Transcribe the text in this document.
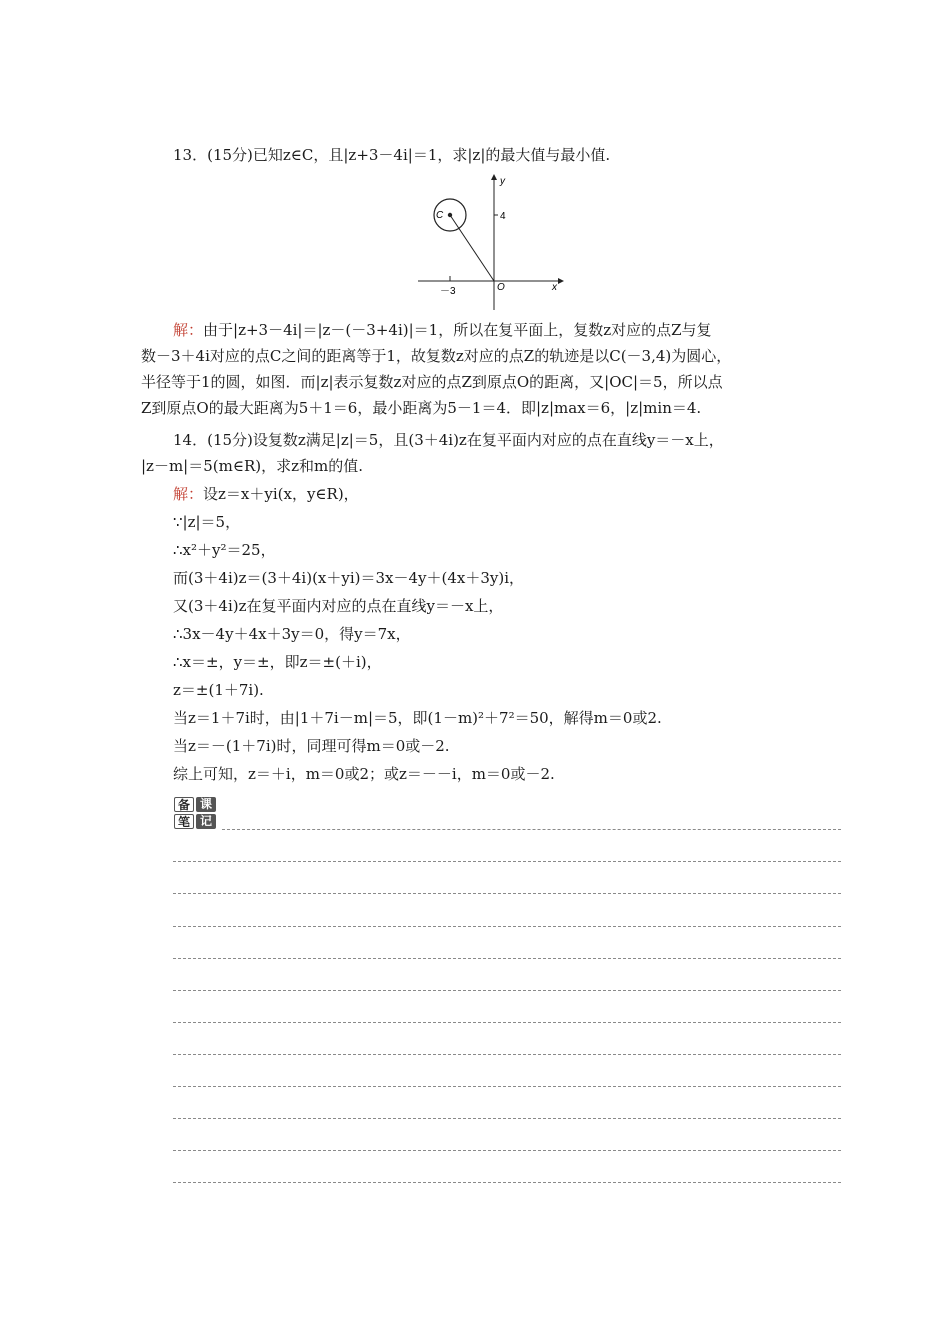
13．(15分)已知z∈C，且|z+3－4i|＝1，求|z|的最大值与最小值.
C
y
x
4
－3	O
解：由于|z+3－4i|＝|z－(－3+4i)|＝1，所以在复平面上，复数z对应的点Z与复
数－3＋4i对应的点C之间的距离等于1，故复数z对应的点Z的轨迹是以C(－3,4)为圆心，
半径等于1的圆，如图．而|z|表示复数z对应的点Z到原点O的距离，又|OC|＝5，所以点
Z到原点O的最大距离为5＋1＝6，最小距离为5－1＝4．即|z|max＝6，|z|min＝4.
14．(15分)设复数z满足|z|＝5，且(3＋4i)z在复平面内对应的点在直线y＝－x上，
|z－m|＝5(m∈R)，求z和m的值.
解：设z＝x＋yi(x，y∈R)，
∵|z|＝5，
∴x²＋y²＝25，
而(3＋4i)z＝(3＋4i)(x＋yi)＝3x－4y＋(4x＋3y)i，
又(3＋4i)z在复平面内对应的点在直线y＝－x上，
∴3x－4y＋4x＋3y＝0，得y＝7x，
∴x＝±，y＝±，即z＝±(＋i)，
z＝±(1＋7i).
当z＝1＋7i时，由|1＋7i－m|＝5，即(1－m)²＋7²＝50，解得m＝0或2.
当z＝－(1＋7i)时，同理可得m＝0或－2.
综上可知，z＝＋i，m＝0或2；或z＝－－i，m＝0或－2.
备 课
笔 记
